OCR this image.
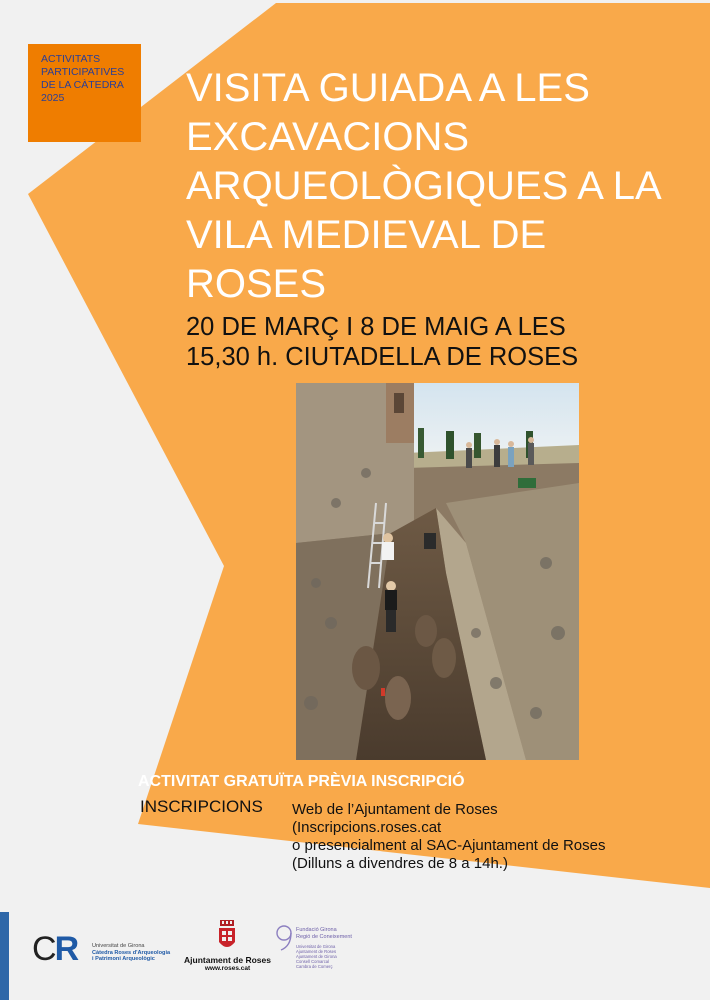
ACTIVITATS
PARTICIPATIVES
DE LA CÀTEDRA
2025	VISITA GUIADA A LES
EXCAVACIONS
ARQUEOLÒGIQUES A LA
VILA MEDIEVAL DE
ROSES
20 DE MARÇ I 8 DE MAIG A LES
15,30 h. CIUTADELLA DE ROSES
ACTIVITAT GRATUÏTA PRÈVIA INSCRIPCIÓ
INSCRIPCIONS Web de l’Ajuntament de Roses
(Inscripcions.roses.cat
o presencialment al SAC-Ajuntament de Roses
(Dilluns a divendres de 8 a 14h.)
CR	Universitat de Girona
Càtedra Roses d'Arqueologia
i Patrimoni Arqueològic	Ajuntament de Roses
www.roses.cat
Fundació Girona
Regió de Coneixement
Universitat de Girona
Ajuntament de Roses
Ajuntament de Girona
Consell Comarcal
Cambra de Comerç
